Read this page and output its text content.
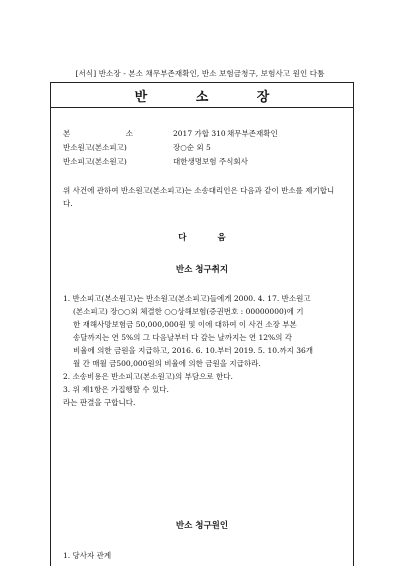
[서식] 반소장 - 본소 채무부존재확인, 반소 보험금청구, 보험사고 원인 다툼
반 소 장
본 소	2017 가합 310 채무부존재확인
반소원고(본소피고)	장○순 외 5
반소피고(본소원고)	대한생명보험 주식회사
위 사건에 관하여 반소원고(본소피고)는 소송대리인은 다음과 같이 반소를 제기합니다.
다 음
반소 청구취지
1. 반소피고(본소원고)는 반소원고(본소피고)들에게 2000. 4. 17. 반소원고
(본소피고) 장○○외 체결한 ○○상해보험(증권번호 : 00000000)에 기
한 재해사망보험금 50,000,000원 및 이에 대하여 이 사건 소장 부본
송달까지는 연 5%의 그 다음날부터 다 갚는 날까지는 연 12%의 각
비율에 의한 금원을 지급하고, 2016. 6. 10.부터 2019. 5. 10.까지 36개
월 간 매월 금500,000원의 비율에 의한 금원을 지급하라.
2. 소송비용은 반소피고(본소원고)의 부담으로 한다.
3. 위 제1항은 가집행할 수 있다.
라는 판결을 구합니다.
반소 청구원인
1. 당사자 관계
